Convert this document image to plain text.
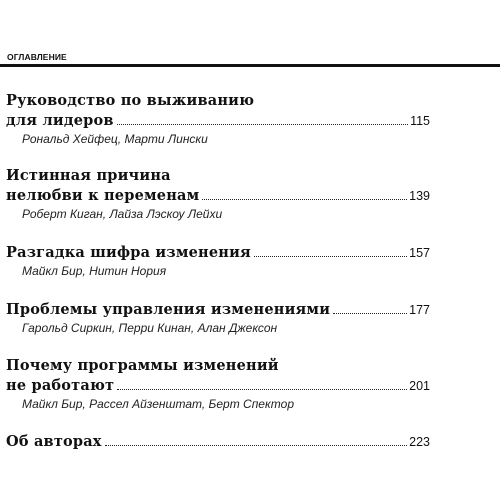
ОГЛАВЛЕНИЕ
Руководство по выживанию
для лидеров	115
Рональд Хейфец, Марти Лински
Истинная причина
нелюбви к переменам	139
Роберт Киган, Лайза Лэскоу Лейхи
Разгадка шифра изменения	157
Майкл Бир, Нитин Нория
Проблемы управления изменениями	177
Гарольд Сиркин, Перри Кинан, Алан Джексон
Почему программы изменений
не работают	201
Майкл Бир, Рассел Айзенштат, Берт Спектор
Об авторах	223
